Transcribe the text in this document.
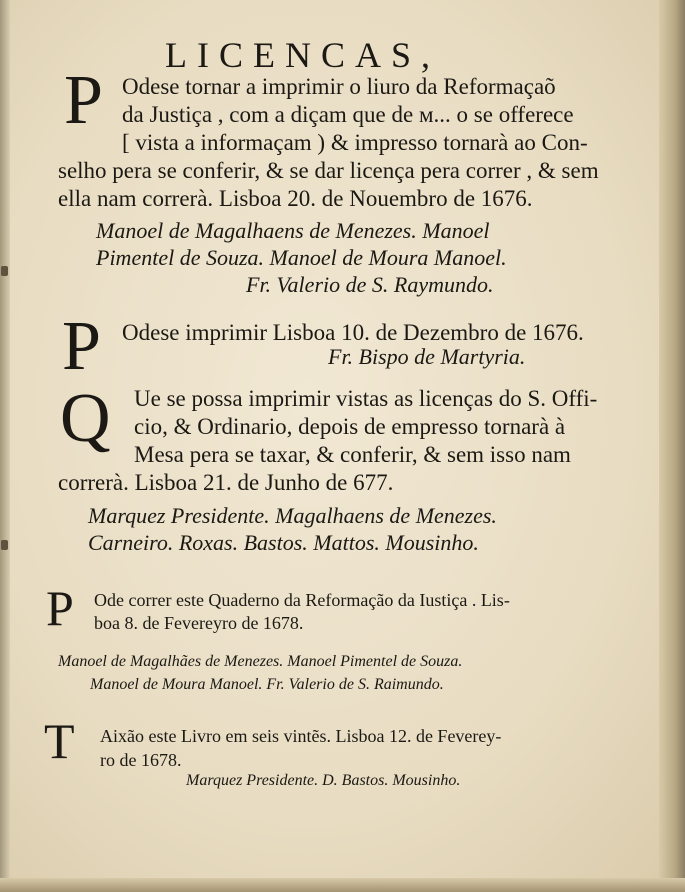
LICENCAS,
P Odese tornar a imprimir o liuro da Reformaçaõ
da Justiça , com a diçam que de ᴍ... o se offerece
[ vista a informaçam ) & impresso tornarà ao Con-
selho pera se conferir, & se dar licença pera correr , & sem
ella nam correrà. Lisboa 20. de Nouembro de 1676.
Manoel de Magalhaens de Menezes. Manoel
Pimentel de Souza. Manoel de Moura Manoel.
Fr. Valerio de S. Raymundo.
P Odese imprimir Lisboa 10. de Dezembro de 1676.
Fr. Bispo de Martyria.
Q Ue se possa imprimir vistas as licenças do S. Offi-
cio, & Ordinario, depois de empresso tornarà à
Mesa pera se taxar, & conferir, & sem isso nam
correrà. Lisboa 21. de Junho de 677.
Marquez Presidente. Magalhaens de Menezes.
Carneiro. Roxas. Bastos. Mattos. Mousinho.
P Ode correr este Quaderno da Reformação da Iustiça . Lis-
boa 8. de Fevereyro de 1678.
Manoel de Magalhães de Menezes. Manoel Pimentel de Souza.
Manoel de Moura Manoel. Fr. Valerio de S. Raimundo.
T Aixão este Livro em seis vintẽs. Lisboa 12. de Feverey-
ro de 1678.
Marquez Presidente. D. Bastos. Mousinho.
